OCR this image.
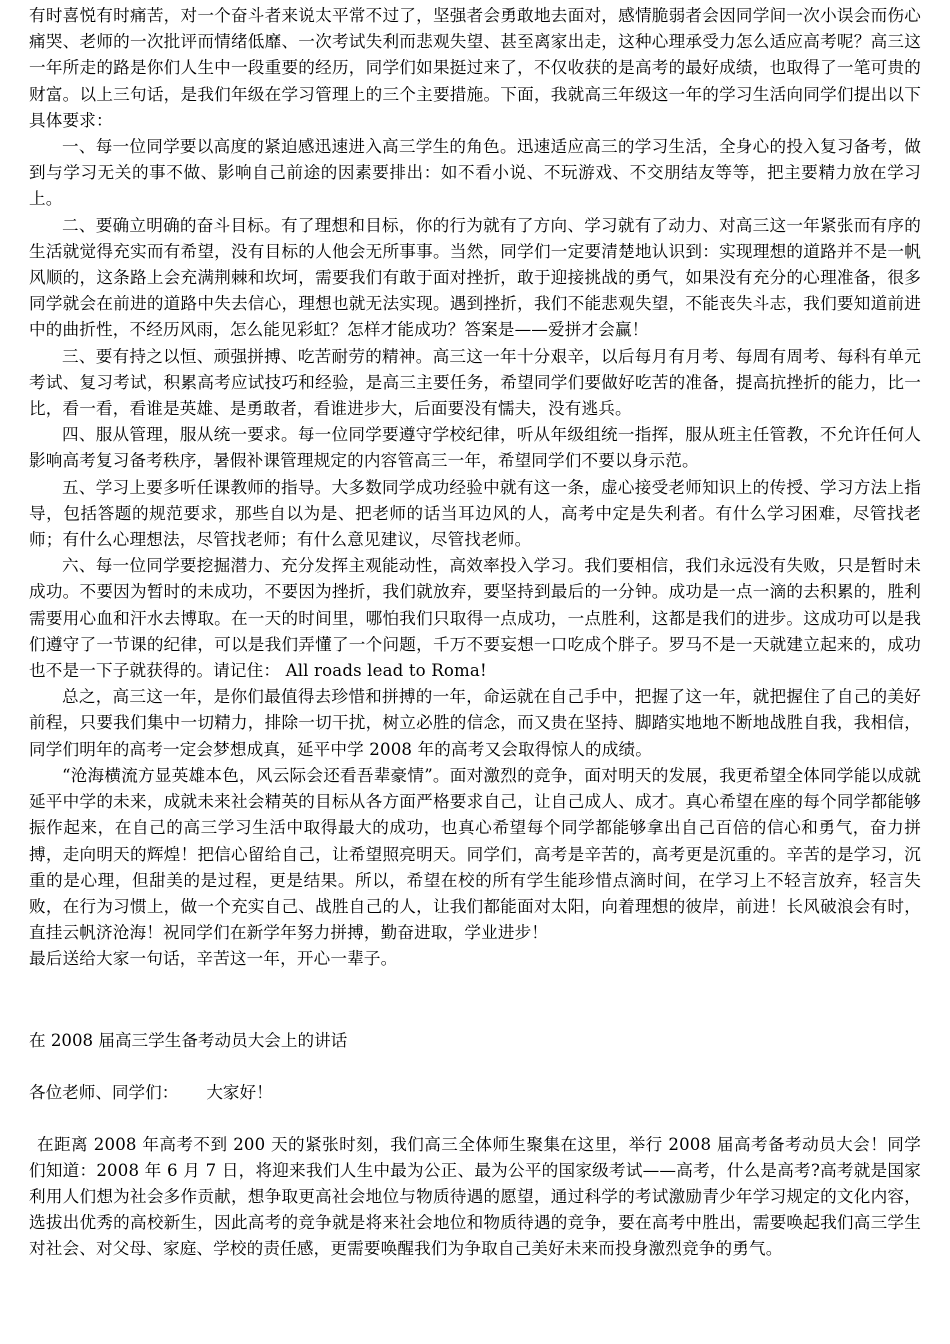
有时喜悦有时痛苦，对一个奋斗者来说太平常不过了，坚强者会勇敢地去面对，感情脆弱者会因同学间一次小误会而伤心痛哭、老师的一次批评而情绪低靡、一次考试失利而悲观失望、甚至离家出走，这种心理承受力怎么适应高考呢？高三这一年所走的路是你们人生中一段重要的经历，同学们如果挺过来了，不仅收获的是高考的最好成绩，也取得了一笔可贵的财富。以上三句话，是我们年级在学习管理上的三个主要措施。下面，我就高三年级这一年的学习生活向同学们提出以下具体要求：

一、每一位同学要以高度的紧迫感迅速进入高三学生的角色。迅速适应高三的学习生活，全身心的投入复习备考，做到与学习无关的事不做、影响自己前途的因素要排出：如不看小说、不玩游戏、不交朋结友等等，把主要精力放在学习上。

二、要确立明确的奋斗目标。有了理想和目标，你的行为就有了方向、学习就有了动力、对高三这一年紧张而有序的生活就觉得充实而有希望，没有目标的人他会无所事事。当然，同学们一定要清楚地认识到：实现理想的道路并不是一帆风顺的，这条路上会充满荆棘和坎坷，需要我们有敢于面对挫折，敢于迎接挑战的勇气，如果没有充分的心理准备，很多同学就会在前进的道路中失去信心，理想也就无法实现。遇到挫折，我们不能悲观失望，不能丧失斗志，我们要知道前进中的曲折性，不经历风雨，怎么能见彩虹？怎样才能成功？答案是——爱拼才会赢！

三、要有持之以恒、顽强拼搏、吃苦耐劳的精神。高三这一年十分艰辛，以后每月有月考、每周有周考、每科有单元考试、复习考试，积累高考应试技巧和经验，是高三主要任务，希望同学们要做好吃苦的准备，提高抗挫折的能力，比一比，看一看，看谁是英雄、是勇敢者，看谁进步大，后面要没有懦夫，没有逃兵。

四、服从管理，服从统一要求。每一位同学要遵守学校纪律，听从年级组统一指挥，服从班主任管教，不允许任何人影响高考复习备考秩序，暑假补课管理规定的内容管高三一年，希望同学们不要以身示范。

五、学习上要多听任课教师的指导。大多数同学成功经验中就有这一条，虚心接受老师知识上的传授、学习方法上指导，包括答题的规范要求，那些自以为是、把老师的话当耳边风的人，高考中定是失利者。有什么学习困难，尽管找老师；有什么心理想法，尽管找老师；有什么意见建议，尽管找老师。

六、每一位同学要挖掘潜力、充分发挥主观能动性，高效率投入学习。我们要相信，我们永远没有失败，只是暂时未成功。不要因为暂时的未成功，不要因为挫折，我们就放弃，要坚持到最后的一分钟。成功是一点一滴的去积累的，胜利需要用心血和汗水去博取。在一天的时间里，哪怕我们只取得一点成功，一点胜利，这都是我们的进步。这成功可以是我们遵守了一节课的纪律，可以是我们弄懂了一个问题，千万不要妄想一口吃成个胖子。罗马不是一天就建立起来的，成功也不是一下子就获得的。请记住： All roads lead to Roma!

总之，高三这一年，是你们最值得去珍惜和拼搏的一年，命运就在自己手中，把握了这一年，就把握住了自己的美好前程，只要我们集中一切精力，排除一切干扰，树立必胜的信念，而又贵在坚持、脚踏实地地不断地战胜自我，我相信，同学们明年的高考一定会梦想成真，延平中学 2008 年的高考又会取得惊人的成绩。

“沧海横流方显英雄本色，风云际会还看吾辈豪情”。面对激烈的竞争，面对明天的发展，我更希望全体同学能以成就延平中学的未来，成就未来社会精英的目标从各方面严格要求自己，让自己成人、成才。真心希望在座的每个同学都能够振作起来，在自己的高三学习生活中取得最大的成功，也真心希望每个同学都能够拿出自己百倍的信心和勇气，奋力拼搏，走向明天的辉煌！把信心留给自己，让希望照亮明天。同学们，高考是辛苦的，高考更是沉重的。辛苦的是学习，沉重的是心理，但甜美的是过程，更是结果。所以，希望在校的所有学生能珍惜点滴时间，在学习上不轻言放弃，轻言失败，在行为习惯上，做一个充实自己、战胜自己的人，让我们都能面对太阳，向着理想的彼岸，前进！长风破浪会有时，直挂云帆济沧海！祝同学们在新学年努力拼搏，勤奋进取，学业进步！

最后送给大家一句话，辛苦这一年，开心一辈子。

在 2008 届高三学生备考动员大会上的讲话

各位老师、同学们： 大家好！

在距离 2008 年高考不到 200 天的紧张时刻，我们高三全体师生聚集在这里，举行 2008 届高考备考动员大会！同学们知道：2008 年 6 月 7 日，将迎来我们人生中最为公正、最为公平的国家级考试——高考，什么是高考?高考就是国家利用人们想为社会多作贡献，想争取更高社会地位与物质待遇的愿望，通过科学的考试激励青少年学习规定的文化内容，选拔出优秀的高校新生，因此高考的竞争就是将来社会地位和物质待遇的竞争，要在高考中胜出，需要唤起我们高三学生对社会、对父母、家庭、学校的责任感，更需要唤醒我们为争取自己美好未来而投身激烈竞争的勇气。
